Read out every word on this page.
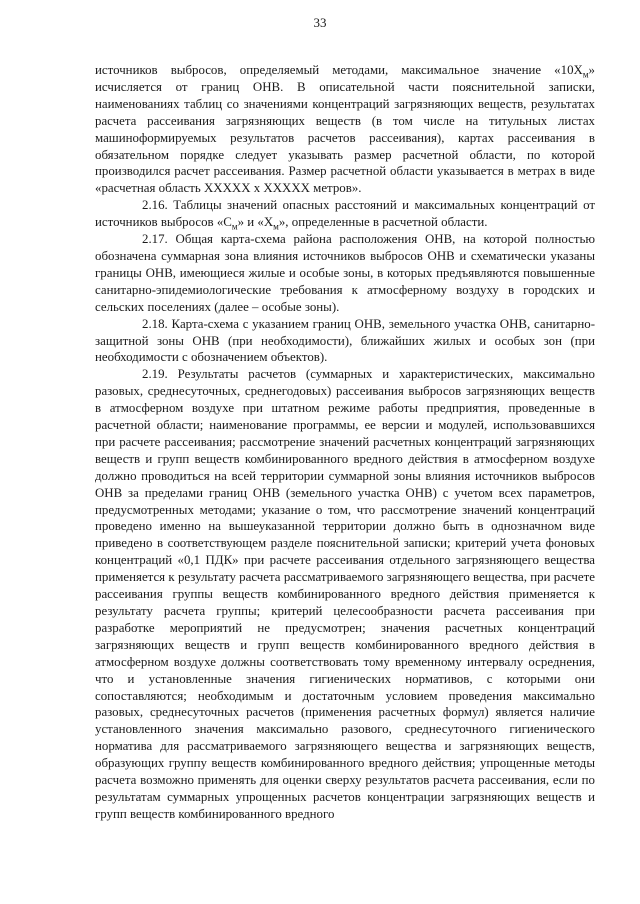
33

источников выбросов, определяемый методами, максимальное значение «$10Х_м$» исчисляется от границ ОНВ. В описательной части пояснительной записки, наименованиях таблиц со значениями концентраций загрязняющих веществ, результатах расчета рассеивания загрязняющих веществ (в том числе на титульных листах машиноформируемых результатов расчетов рассеивания), картах рассеивания в обязательном порядке следует указывать размер расчетной области, по которой производился расчет рассеивания. Размер расчетной области указывается в метрах в виде «расчетная область ХХХХХ х ХХХХХ метров».

2.16. Таблицы значений опасных расстояний и максимальных концентраций от источников выбросов «$С_м$» и «$Х_м$», определенные в расчетной области.

2.17. Общая карта-схема района расположения ОНВ, на которой полностью обозначена суммарная зона влияния источников выбросов ОНВ и схематически указаны границы ОНВ, имеющиеся жилые и особые зоны, в которых предъявляются повышенные санитарно-эпидемиологические требования к атмосферному воздуху в городских и сельских поселениях (далее – особые зоны).

2.18. Карта-схема с указанием границ ОНВ, земельного участка ОНВ, санитарно-защитной зоны ОНВ (при необходимости), ближайших жилых и особых зон (при необходимости с обозначением объектов).

2.19. Результаты расчетов (суммарных и характеристических, максимально разовых, среднесуточных, среднегодовых) рассеивания выбросов загрязняющих веществ в атмосферном воздухе при штатном режиме работы предприятия, проведенные в расчетной области; наименование программы, ее версии и модулей, использовавшихся при расчете рассеивания; рассмотрение значений расчетных концентраций загрязняющих веществ и групп веществ комбинированного вредного действия в атмосферном воздухе должно проводиться на всей территории суммарной зоны влияния источников выбросов ОНВ за пределами границ ОНВ (земельного участка ОНВ) с учетом всех параметров, предусмотренных методами; указание о том, что рассмотрение значений концентраций проведено именно на вышеуказанной территории должно быть в однозначном виде приведено в соответствующем разделе пояснительной записки; критерий учета фоновых концентраций «0,1 ПДК» при расчете рассеивания отдельного загрязняющего вещества применяется к результату расчета рассматриваемого загрязняющего вещества, при расчете рассеивания группы веществ комбинированного вредного действия применяется к результату расчета группы; критерий целесообразности расчета рассеивания при разработке мероприятий не предусмотрен; значения расчетных концентраций загрязняющих веществ и групп веществ комбинированного вредного действия в атмосферном воздухе должны соответствовать тому временному интервалу осреднения, что и установленные значения гигиенических нормативов, с которыми они сопоставляются; необходимым и достаточным условием проведения максимально разовых, среднесуточных расчетов (применения расчетных формул) является наличие установленного значения максимально разового, среднесуточного гигиенического норматива для рассматриваемого загрязняющего вещества и загрязняющих веществ, образующих группу веществ комбинированного вредного действия; упрощенные методы расчета возможно применять для оценки сверху результатов расчета рассеивания, если по результатам суммарных упрощенных расчетов концентрации загрязняющих веществ и групп веществ комбинированного вредного
